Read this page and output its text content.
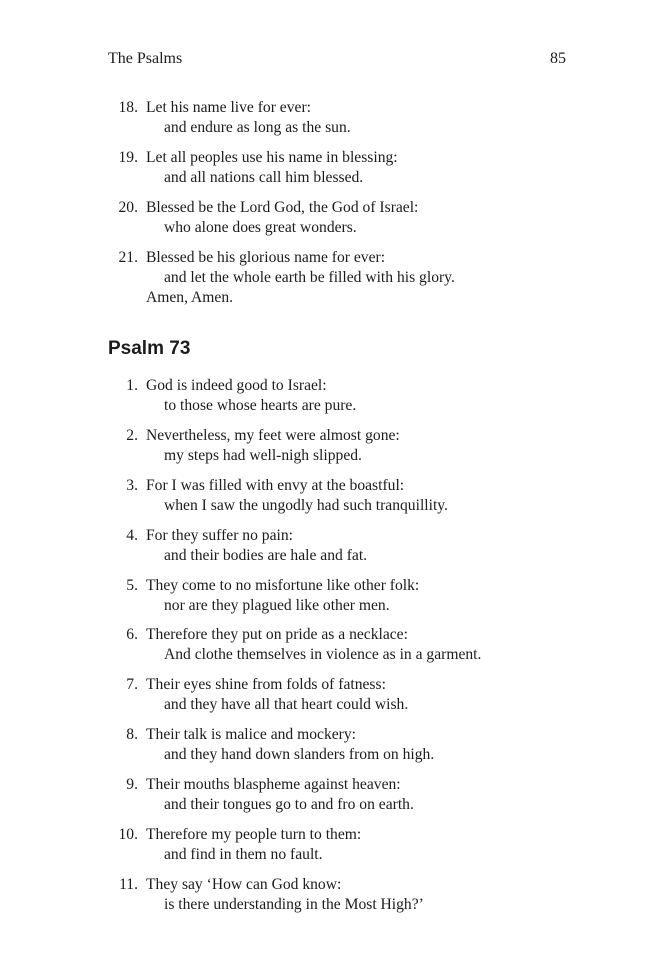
The Psalms	85
18. Let his name live for ever:
and endure as long as the sun.
19. Let all peoples use his name in blessing:
and all nations call him blessed.
20. Blessed be the Lord God, the God of Israel:
who alone does great wonders.
21. Blessed be his glorious name for ever:
and let the whole earth be filled with his glory.
Amen, Amen.
Psalm 73
1. God is indeed good to Israel:
to those whose hearts are pure.
2. Nevertheless, my feet were almost gone:
my steps had well-nigh slipped.
3. For I was filled with envy at the boastful:
when I saw the ungodly had such tranquillity.
4. For they suffer no pain:
and their bodies are hale and fat.
5. They come to no misfortune like other folk:
nor are they plagued like other men.
6. Therefore they put on pride as a necklace:
And clothe themselves in violence as in a garment.
7. Their eyes shine from folds of fatness:
and they have all that heart could wish.
8. Their talk is malice and mockery:
and they hand down slanders from on high.
9. Their mouths blaspheme against heaven:
and their tongues go to and fro on earth.
10. Therefore my people turn to them:
and find in them no fault.
11. They say ‘How can God know:
is there understanding in the Most High?’
